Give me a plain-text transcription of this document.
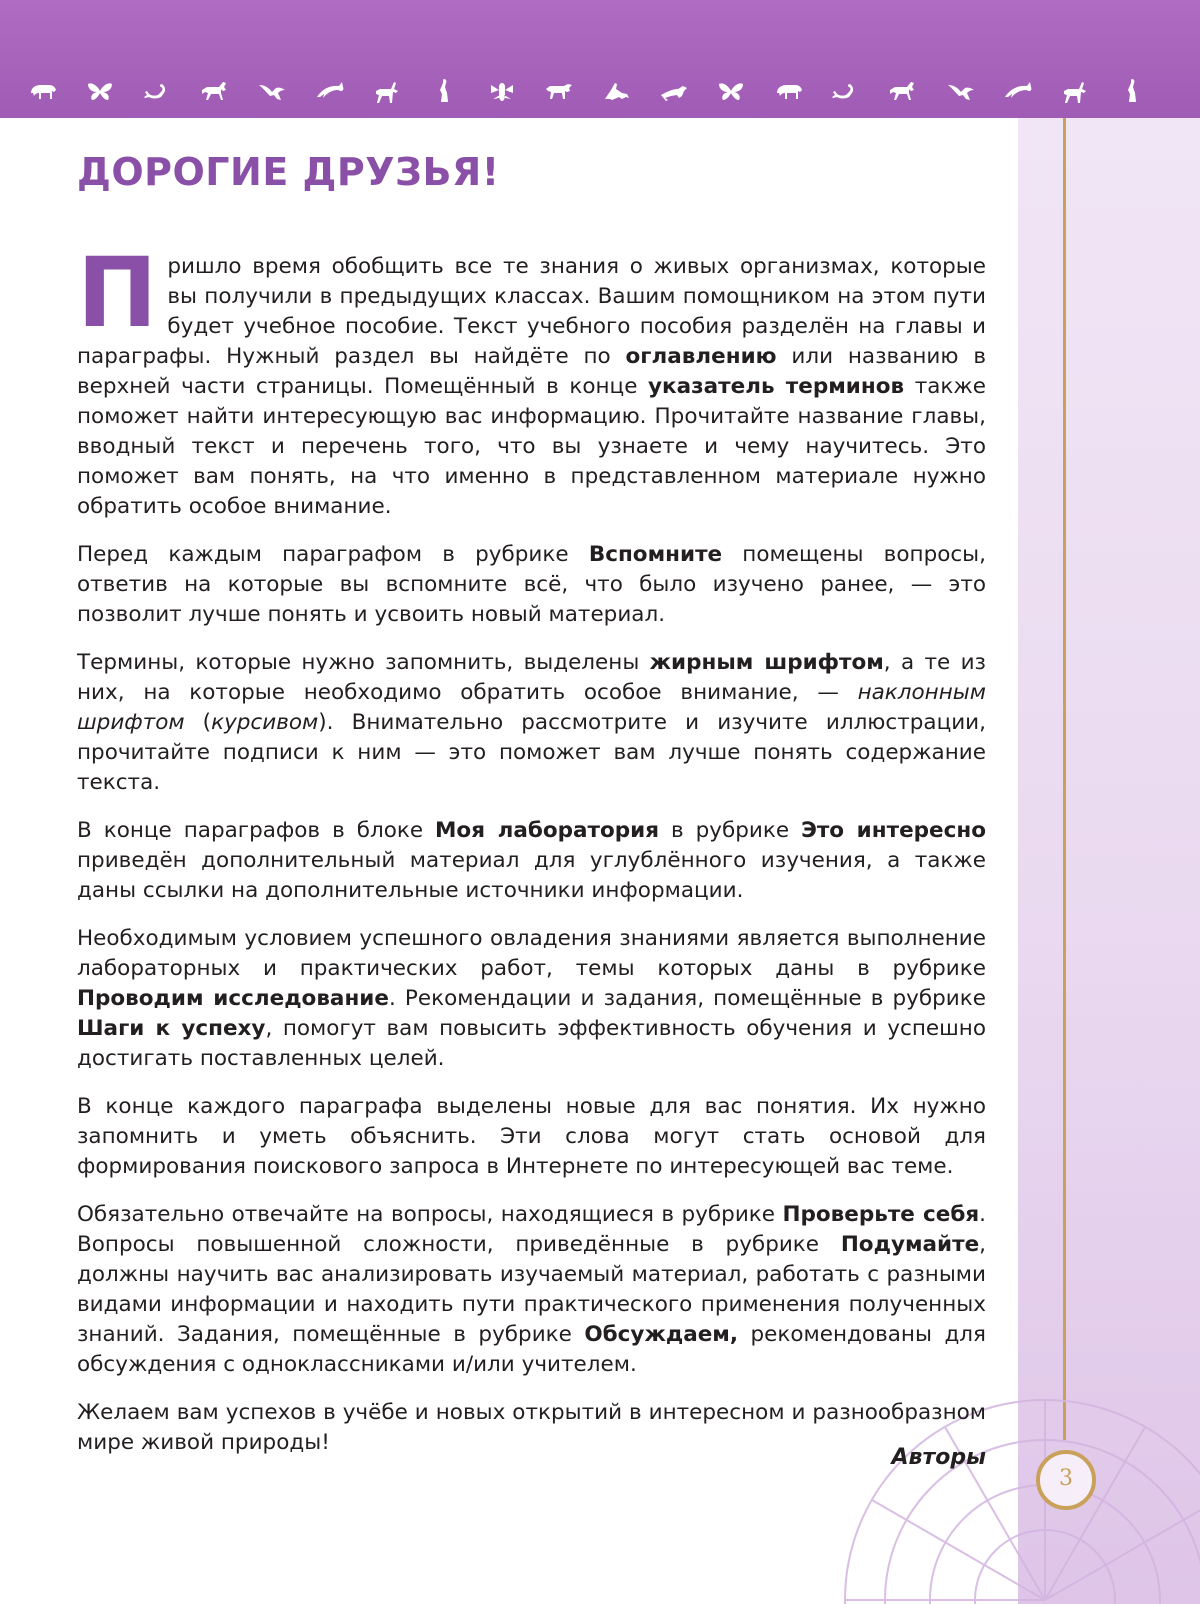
3
ДОРОГИЕ ДРУЗЬЯ!

Пришло время обобщить все те знания о живых организмах, которые вы получили в предыдущих классах. Вашим помощником на этом пути будет учебное пособие. Текст учебного пособия разделён на главы и параграфы. Нужный раздел вы найдёте по оглавлению или названию в верхней части страницы. Помещённый в конце указатель терминов также поможет найти интересующую вас информацию. Прочитайте название главы, вводный текст и перечень того, что вы узнаете и чему научитесь. Это поможет вам понять, на что именно в представленном материале нужно обратить особое внимание.

Перед каждым параграфом в рубрике Вспомните помещены вопросы, ответив на которые вы вспомните всё, что было изучено ранее, — это позволит лучше понять и усвоить новый материал.

Термины, которые нужно запомнить, выделены жирным шрифтом, а те из них, на которые необходимо обратить особое внимание, — наклонным шрифтом (курсивом). Внимательно рассмотрите и изучите иллюстрации, прочитайте подписи к ним — это поможет вам лучше понять содержание текста.

В конце параграфов в блоке Моя лаборатория в рубрике Это интересно приведён дополнительный материал для углублённого изучения, а также даны ссылки на дополнительные источники информации.

Необходимым условием успешного овладения знаниями является выполнение лабораторных и практических работ, темы которых даны в рубрике Проводим исследование. Рекомендации и задания, помещённые в рубрике Шаги к успеху, помогут вам повысить эффективность обучения и успешно достигать поставленных целей.

В конце каждого параграфа выделены новые для вас понятия. Их нужно запомнить и уметь объяснить. Эти слова могут стать основой для формирования поискового запроса в Интернете по интересующей вас теме.

Обязательно отвечайте на вопросы, находящиеся в рубрике Проверьте себя. Вопросы повышенной сложности, приведённые в рубрике Подумайте, должны научить вас анализировать изучаемый материал, работать с разными видами информации и находить пути практического применения полученных знаний. Задания, помещённые в рубрике Обсуждаем, рекомендованы для обсуждения с одноклассниками и/или учителем.

Желаем вам успехов в учёбе и новых открытий в интересном и разнообразном мире живой природы!

Авторы
